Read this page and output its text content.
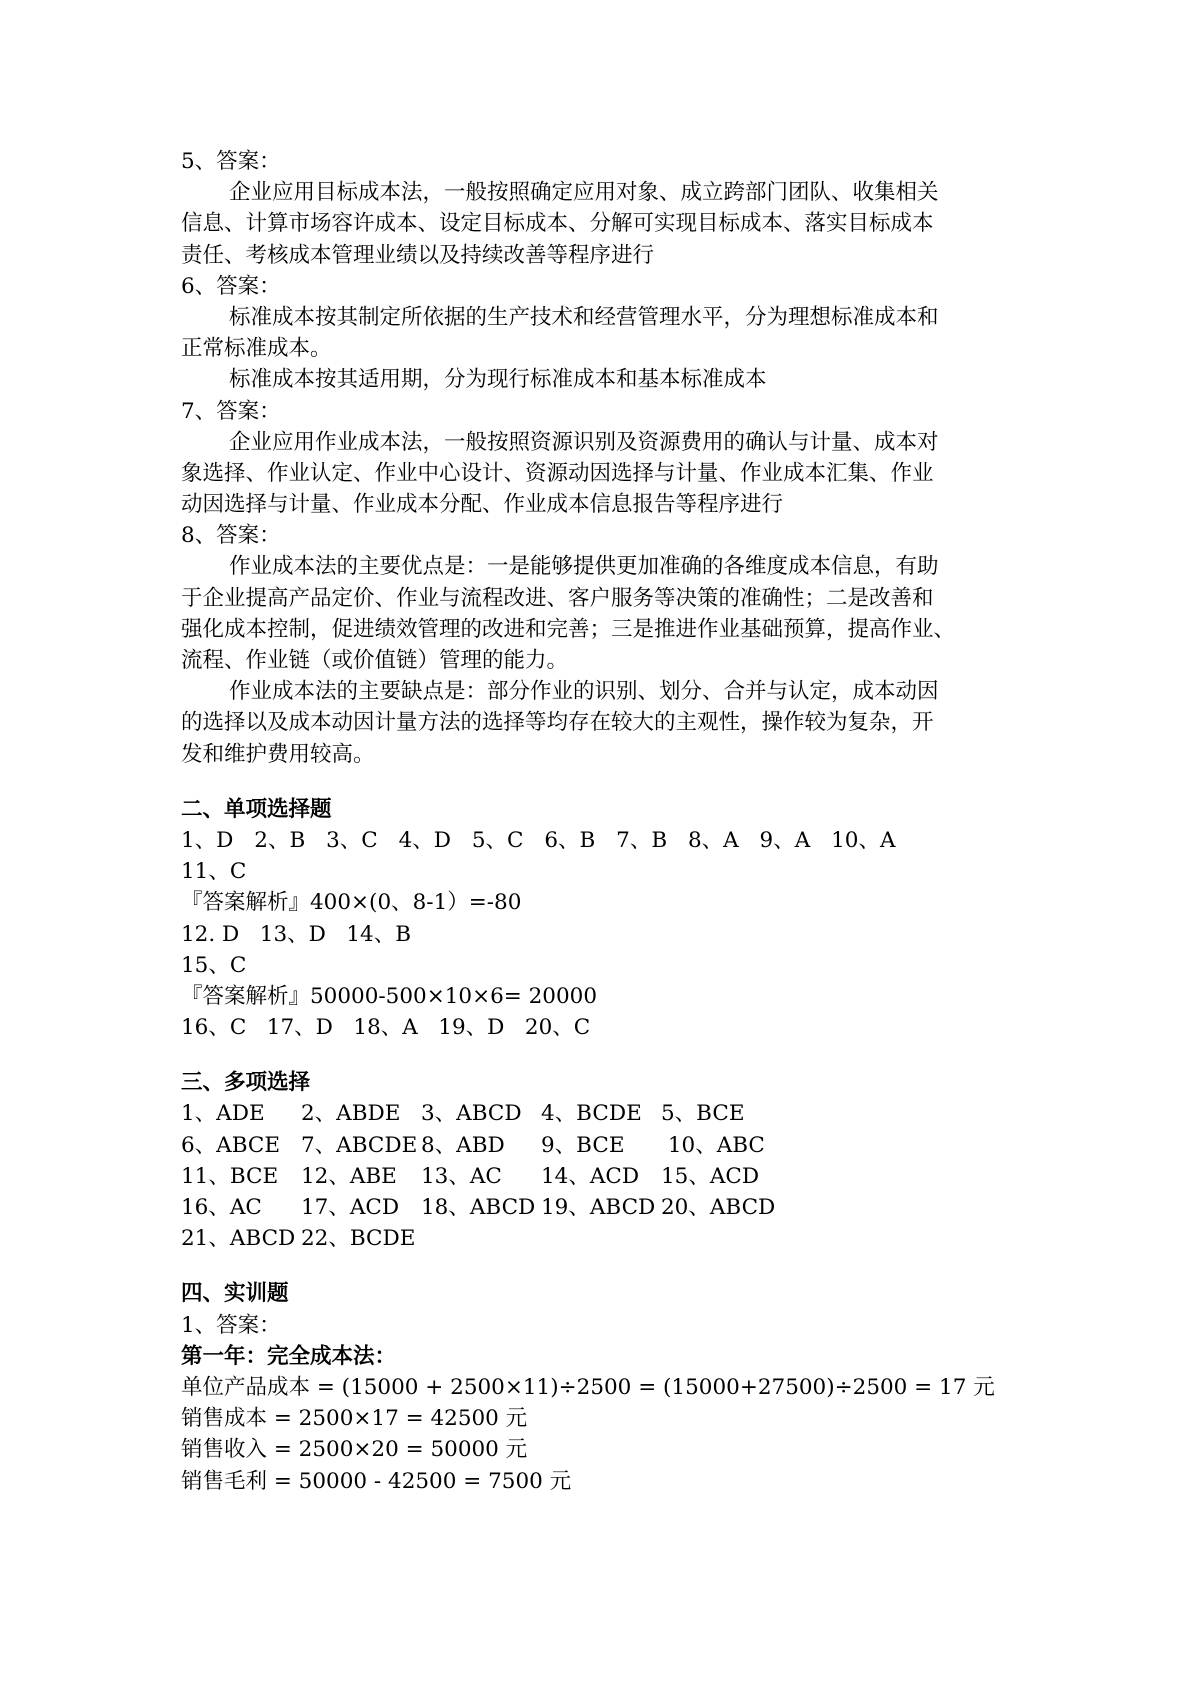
5、答案：
企业应用目标成本法，一般按照确定应用对象、成立跨部门团队、收集相关
信息、计算市场容许成本、设定目标成本、分解可实现目标成本、落实目标成本
责任、考核成本管理业绩以及持续改善等程序进行
6、答案：
标准成本按其制定所依据的生产技术和经营管理水平，分为理想标准成本和
正常标准成本。
标准成本按其适用期，分为现行标准成本和基本标准成本
7、答案：
企业应用作业成本法，一般按照资源识别及资源费用的确认与计量、成本对
象选择、作业认定、作业中心设计、资源动因选择与计量、作业成本汇集、作业
动因选择与计量、作业成本分配、作业成本信息报告等程序进行
8、答案：
作业成本法的主要优点是：一是能够提供更加准确的各维度成本信息，有助
于企业提高产品定价、作业与流程改进、客户服务等决策的准确性；二是改善和
强化成本控制，促进绩效管理的改进和完善；三是推进作业基础预算，提高作业、
流程、作业链（或价值链）管理的能力。
作业成本法的主要缺点是：部分作业的识别、划分、合并与认定，成本动因
的选择以及成本动因计量方法的选择等均存在较大的主观性，操作较为复杂，开
发和维护费用较高。
二、单项选择题
1、D 2、B 3、C 4、D 5、C 6、B 7、B 8、A 9、A 10、A
11、C
『答案解析』400×(0、8-1）=-80
12. D   13、D   14、B
15、C
『答案解析』50000-500×10×6= 20000
16、C   17、D   18、A   19、D   20、C
三、多项选择
1、ADE	2、ABDE 3、ABCD 4、BCDE 5、BCE
6、ABCE 7、ABCDE 8、ABD	9、BCE	10、ABC
11、BCE	12、ABE	13、AC	14、ACD	15、ACD
16、AC	17、ACD	18、ABCD 19、ABCD 20、ABCD
21、ABCD 22、BCDE
四、实训题
1、答案：
第一年：完全成本法：
单位产品成本 = (15000 + 2500×11)÷2500 = (15000+27500)÷2500 = 17 元
销售成本 = 2500×17 = 42500 元
销售收入 = 2500×20 = 50000 元
销售毛利 = 50000 - 42500 = 7500 元
